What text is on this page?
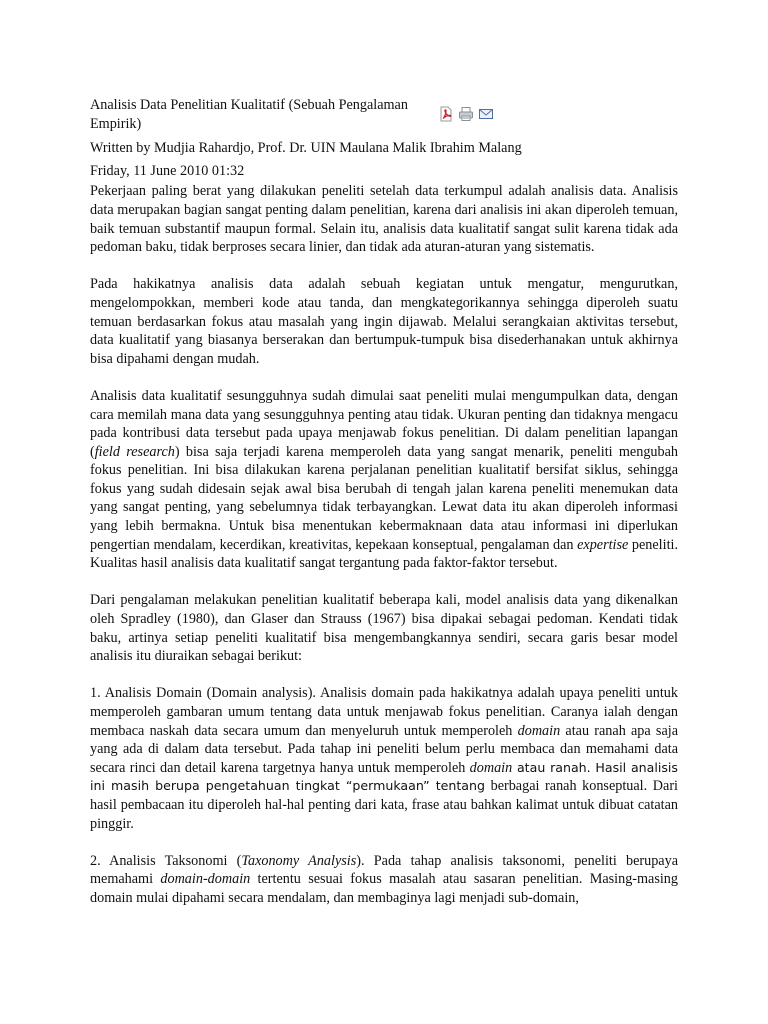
Analisis Data Penelitian Kualitatif (Sebuah Pengalaman
Empirik)
Written by Mudjia Rahardjo, Prof. Dr. UIN Maulana Malik Ibrahim Malang
Friday, 11 June 2010 01:32

Pekerjaan paling berat yang dilakukan peneliti setelah data terkumpul adalah analisis data. Analisis data merupakan bagian sangat penting dalam penelitian, karena dari analisis ini akan diperoleh temuan, baik temuan substantif maupun formal. Selain itu, analisis data kualitatif sangat sulit karena tidak ada pedoman baku, tidak berproses secara linier, dan tidak ada aturan-aturan yang sistematis.

Pada hakikatnya analisis data adalah sebuah kegiatan untuk mengatur, mengurutkan, mengelompokkan, memberi kode atau tanda, dan mengkategorikannya sehingga diperoleh suatu temuan berdasarkan fokus atau masalah yang ingin dijawab. Melalui serangkaian aktivitas tersebut, data kualitatif yang biasanya berserakan dan bertumpuk-tumpuk bisa disederhanakan untuk akhirnya bisa dipahami dengan mudah.

Analisis data kualitatif sesungguhnya sudah dimulai saat peneliti mulai mengumpulkan data, dengan cara memilah mana data yang sesungguhnya penting atau tidak. Ukuran penting dan tidaknya mengacu pada kontribusi data tersebut pada upaya menjawab fokus penelitian. Di dalam penelitian lapangan (field research) bisa saja terjadi karena memperoleh data yang sangat menarik, peneliti mengubah fokus penelitian. Ini bisa dilakukan karena perjalanan penelitian kualitatif bersifat siklus, sehingga fokus yang sudah didesain sejak awal bisa berubah di tengah jalan karena peneliti menemukan data yang sangat penting, yang sebelumnya tidak terbayangkan. Lewat data itu akan diperoleh informasi yang lebih bermakna. Untuk bisa menentukan kebermaknaan data atau informasi ini diperlukan pengertian mendalam, kecerdikan, kreativitas, kepekaan konseptual, pengalaman dan expertise peneliti. Kualitas hasil analisis data kualitatif sangat tergantung pada faktor-faktor tersebut.

Dari pengalaman melakukan penelitian kualitatif beberapa kali, model analisis data yang dikenalkan oleh Spradley (1980), dan Glaser dan Strauss (1967) bisa dipakai sebagai pedoman. Kendati tidak baku, artinya setiap peneliti kualitatif bisa mengembangkannya sendiri, secara garis besar model analisis itu diuraikan sebagai berikut:

1. Analisis Domain (Domain analysis). Analisis domain pada hakikatnya adalah upaya peneliti untuk memperoleh gambaran umum tentang data untuk menjawab fokus penelitian. Caranya ialah dengan membaca naskah data secara umum dan menyeluruh untuk memperoleh domain atau ranah apa saja yang ada di dalam data tersebut. Pada tahap ini peneliti belum perlu membaca dan memahami data secara rinci dan detail karena targetnya hanya untuk memperoleh domain atau ranah. Hasil analisis ini masih berupa pengetahuan tingkat “permukaan” tentang berbagai ranah konseptual. Dari hasil pembacaan itu diperoleh hal-hal penting dari kata, frase atau bahkan kalimat untuk dibuat catatan pinggir.

2. Analisis Taksonomi (Taxonomy Analysis). Pada tahap analisis taksonomi, peneliti berupaya memahami domain-domain tertentu sesuai fokus masalah atau sasaran penelitian. Masing-masing domain mulai dipahami secara mendalam, dan membaginya lagi menjadi sub-domain,
